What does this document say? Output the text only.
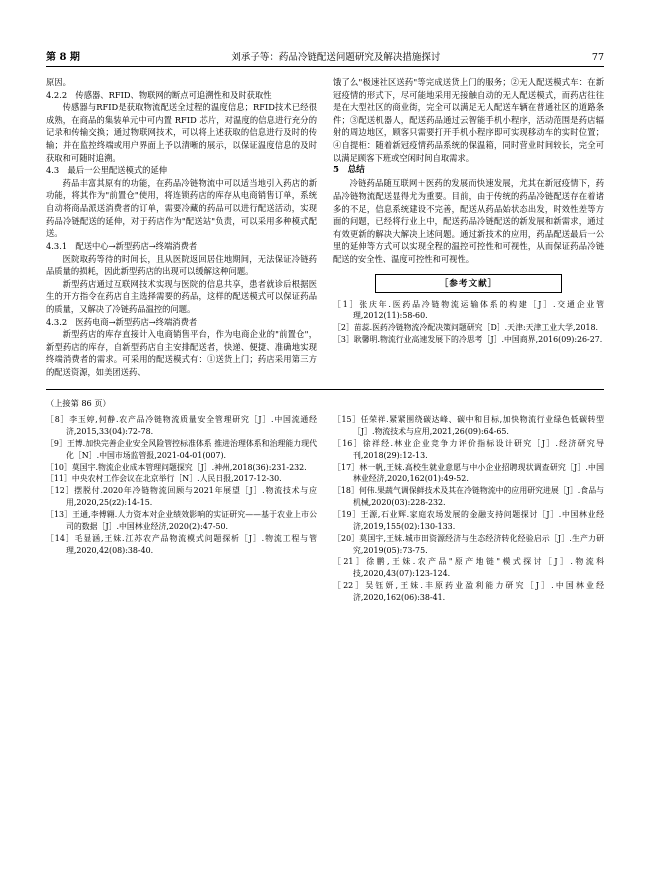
第 8 期	刘承子等：药品冷链配送问题研究及解决措施探讨	77

原因。

4.2.2　传感器、RFID、物联网的断点可追溯性和及时获取性

传感器与RFID是获取物流配送全过程的温度信息；RFID技术已经很成熟，在商品的集装单元中可内置 RFID 芯片，对温度的信息进行充分的记录和传输交换；通过物联网技术，可以将上述获取的信息进行及时的传输；并在监控终端或用户界面上予以清晰的展示，以保证温度信息的及时获取和可随时追溯。

4.3　最后一公里配送模式的延伸

药品丰富其原有的功能，在药品冷链物流中可以适当地引入药店的新功能，将其作为"前置仓"使用，将连锁药店的库存从电商销售订单，系统自动将商品派送消费者的订单，需要冷藏的药品可以进行配送活动，实现药品冷链配送的延伸，对于药店作为"配送站"负责，可以采用多种模式配送。

4.3.1　配送中心→新型药店→终端消费者

医院取药等待的时间长，且从医院返回居住地期间，无法保证冷链药品质量的损耗，因此新型药店的出现可以缓解这种问题。

新型药店通过互联网技术实现与医院的信息共享，患者就诊后根据医生的开方指令在药店自主选择需要的药品，这样的配送模式可以保证药品的质量，又解决了冷链药品温控的问题。

4.3.2　医药电商→新型药店→终端消费者

新型药店的库存直接计入电商销售平台，作为电商企业的"前置仓"，新型药店的库存，自新型药店自主安排配送者，快递、便捷、准确地实现终端消费者的需求。可采用的配送模式有：①送货上门；药店采用第三方的配送资源，如美团送药、

饿了么"极速社区送药"等完成送货上门的服务；②无人配送模式车：在新冠疫情的形式下，尽可能地采用无接触自动的无人配送模式，而药店往往是在大型社区的商业街，完全可以满足无人配送车辆在普通社区的道路条件；③配送机器人，配送药品通过云智能手机小程序，活动范围是药店辐射的周边地区，顾客只需要打开手机小程序即可实现移动车的实时位置；④自提柜：随着新冠疫情药品系统的保温箱，同时营业时间较长，完全可以满足顾客下班或空闲时间自取需求。

5　总结

冷链药品随互联网＋医药的发展而快速发展，尤其在新冠疫情下，药品冷链物流配送显得尤为重要。目前，由于传统的药品冷链配送存在着诸多的不足，信息系统建设不完善，配送从药品始状态出发，时效性差等方面的问题，已经将行业上中，配送药品冷链配送的新发展和新需求，通过有效更新的解决大解决上述问题。通过新技术的应用，药品配送最后一公里的延伸等方式可以实现全程的温控可控性和可视性，从而保证药品冷链配送的安全性、温度可控性和可视性。

［参考文献］

［1］张庆年.医药品冷链物流运输体系的构建［J］.交通企业管理,2012(11):58-60.

［2］苗蕊.医药冷链物流冷配决策问题研究［D］.天津:天津工业大学,2018.

［3］耿馨明.物流行业高速发展下的冷思考［J］.中国商界,2016(09):26-27.

（上接第 86 页）

［8］李玉婷,何静.农产品冷链物流质量安全管理研究［J］.中国流通经济,2015,33(04):72-78.

［9］王博.加快完善企业安全风险管控标准体系 推进治理体系和治理能力现代化［N］.中国市场监管报,2021-04-01(007).

［10］莫国宇.物流企业成本管理问题探究［J］.神州,2018(36):231-232.

［11］中央农村工作会议在北京举行［N］.人民日报,2017-12-30.

［12］摆脱付.2020年冷链物流回顾与2021年展望［J］.物流技术与应用,2020,25(z2):14-15.

［13］王通,李傅翱.人力资本对企业绩效影响的实证研究——基于农业上市公司的数据［J］.中国林业经济,2020(2):47-50.

［14］毛显涵,王妹.江苏农产品物流模式问题探析［J］.物流工程与管理,2020,42(08):38-40.

［15］任荣祥.紧紧围绕碳达峰、碳中和目标,加快物流行业绿色低碳转型［J］.物流技术与应用,2021,26(09):64-65.

［16］徐祥经.林业企业竞争力评价指标设计研究［J］.经济研究导刊,2018(29):12-13.

［17］林一帆,王妹.高校生就业意愿与中小企业招聘现状调查研究［J］.中国林业经济,2020,162(01):49-52.

［18］何伟.果蔬气调保鲜技术及其在冷链物流中的应用研究进展［J］.食品与机械,2020(03):228-232.

［19］王源,石业辉.家庭农场发展的金融支持问题探讨［J］.中国林业经济,2019,155(02):130-133.

［20］莫国宇,王妹.城市田资源经济与生态经济转化经验启示［J］.生产力研究,2019(05):73-75.

［21］徐鹏,王妹.农产品"原产地链"模式探讨［J］.物流科技,2020,43(07):123-124.

［22］吴钰妍,王妹.丰原药业盈利能力研究［J］.中国林业经济,2020,162(06):38-41.
